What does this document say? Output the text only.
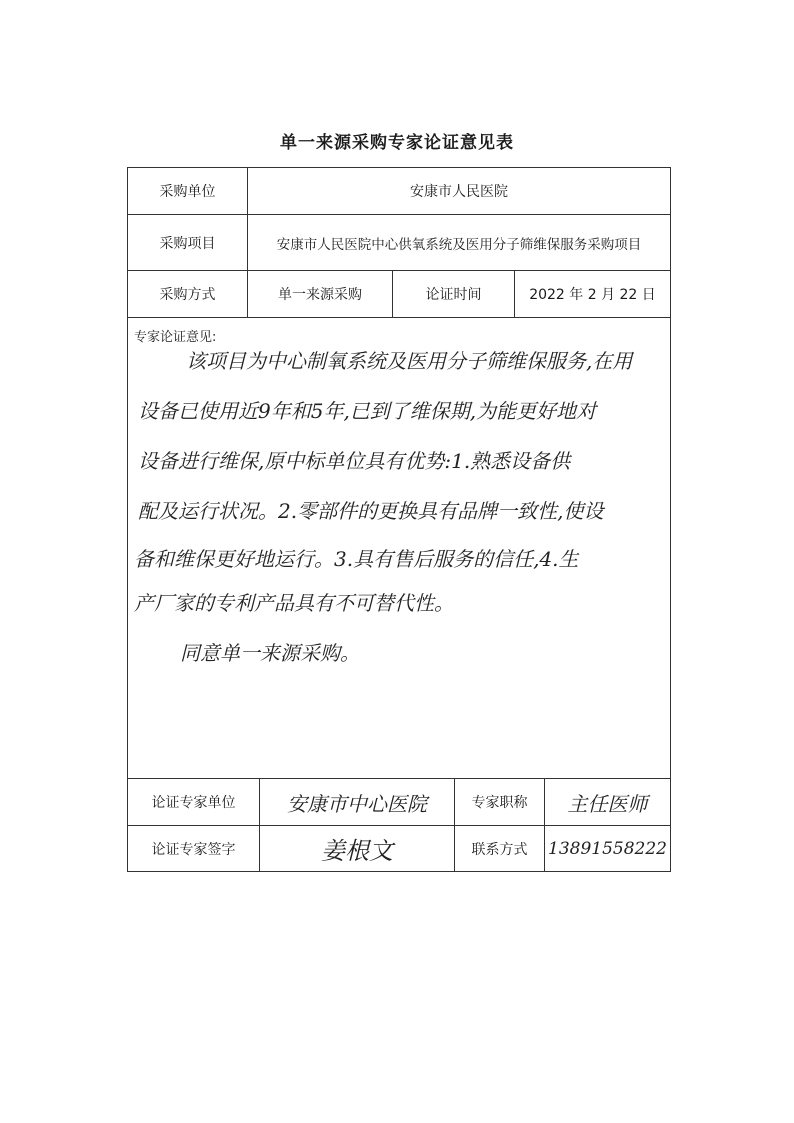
单一来源采购专家论证意见表
采购单位	安康市人民医院
采购项目	安康市人民医院中心供氧系统及医用分子筛维保服务采购项目
采购方式	单一来源采购	论证时间	2022 年 2 月 22 日
专家论证意见:
该项目为中心制氧系统及医用分子筛维保服务,在用
设备已使用近9年和5年,已到了维保期,为能更好地对
设备进行维保,原中标单位具有优势:1.熟悉设备供
配及运行状况。2.零部件的更换具有品牌一致性,使设
备和维保更好地运行。3.具有售后服务的信任,4.生
产厂家的专利产品具有不可替代性。
同意单一来源采购。
论证专家单位	安康市中心医院	专家职称	主任医师
论证专家签字	姜根文	联系方式	13891558222
